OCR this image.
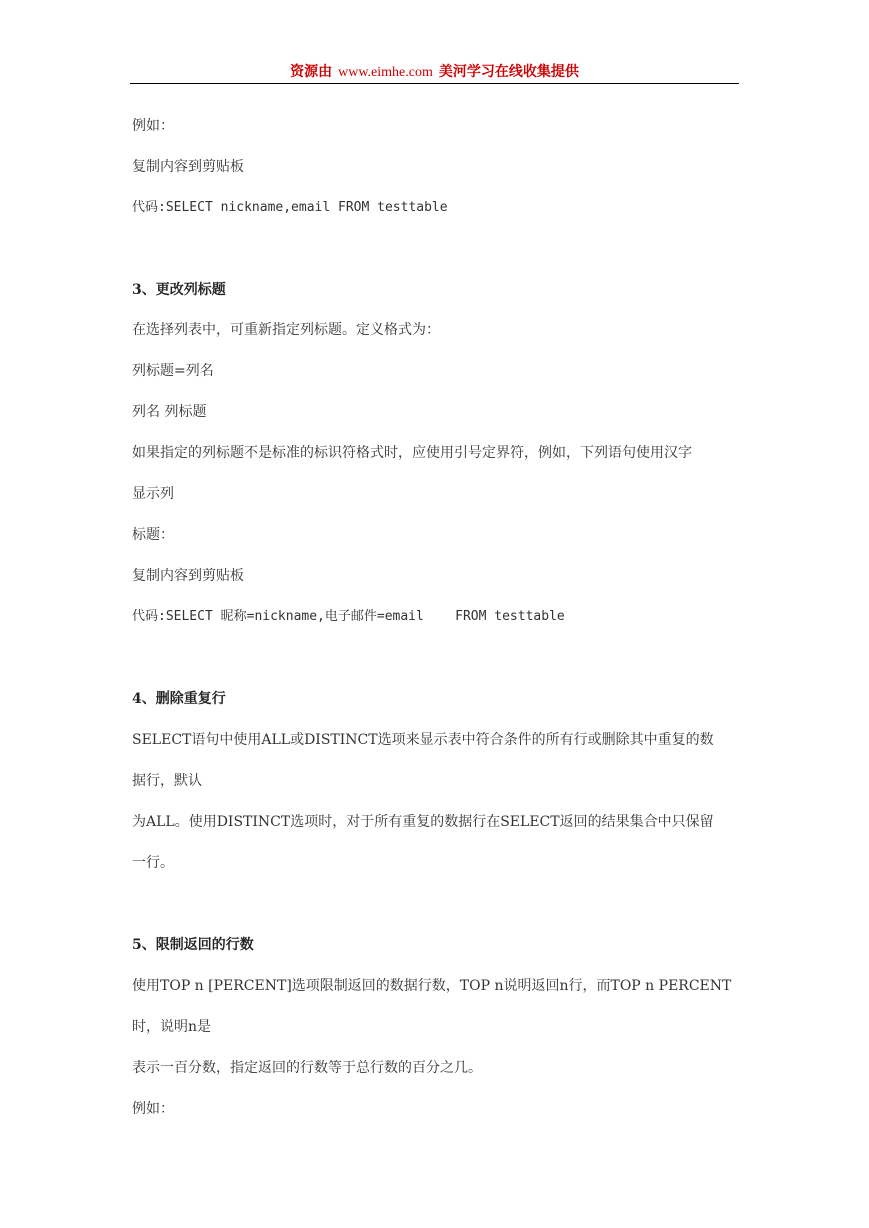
资源由 www.eimhe.com 美河学习在线收集提供
例如：
复制内容到剪贴板
代码:SELECT nickname,email FROM testtable
3、更改列标题
在选择列表中，可重新指定列标题。定义格式为：
列标题=列名
列名 列标题
如果指定的列标题不是标准的标识符格式时，应使用引号定界符，例如，下列语句使用汉字
显示列
标题：
复制内容到剪贴板
代码:SELECT 昵称=nickname,电子邮件=email    FROM testtable
4、删除重复行
SELECT语句中使用ALL或DISTINCT选项来显示表中符合条件的所有行或删除其中重复的数
据行，默认
为ALL。使用DISTINCT选项时，对于所有重复的数据行在SELECT返回的结果集合中只保留
一行。
5、限制返回的行数
使用TOP n [PERCENT]选项限制返回的数据行数，TOP n说明返回n行，而TOP n PERCENT
时，说明n是
表示一百分数，指定返回的行数等于总行数的百分之几。
例如：
